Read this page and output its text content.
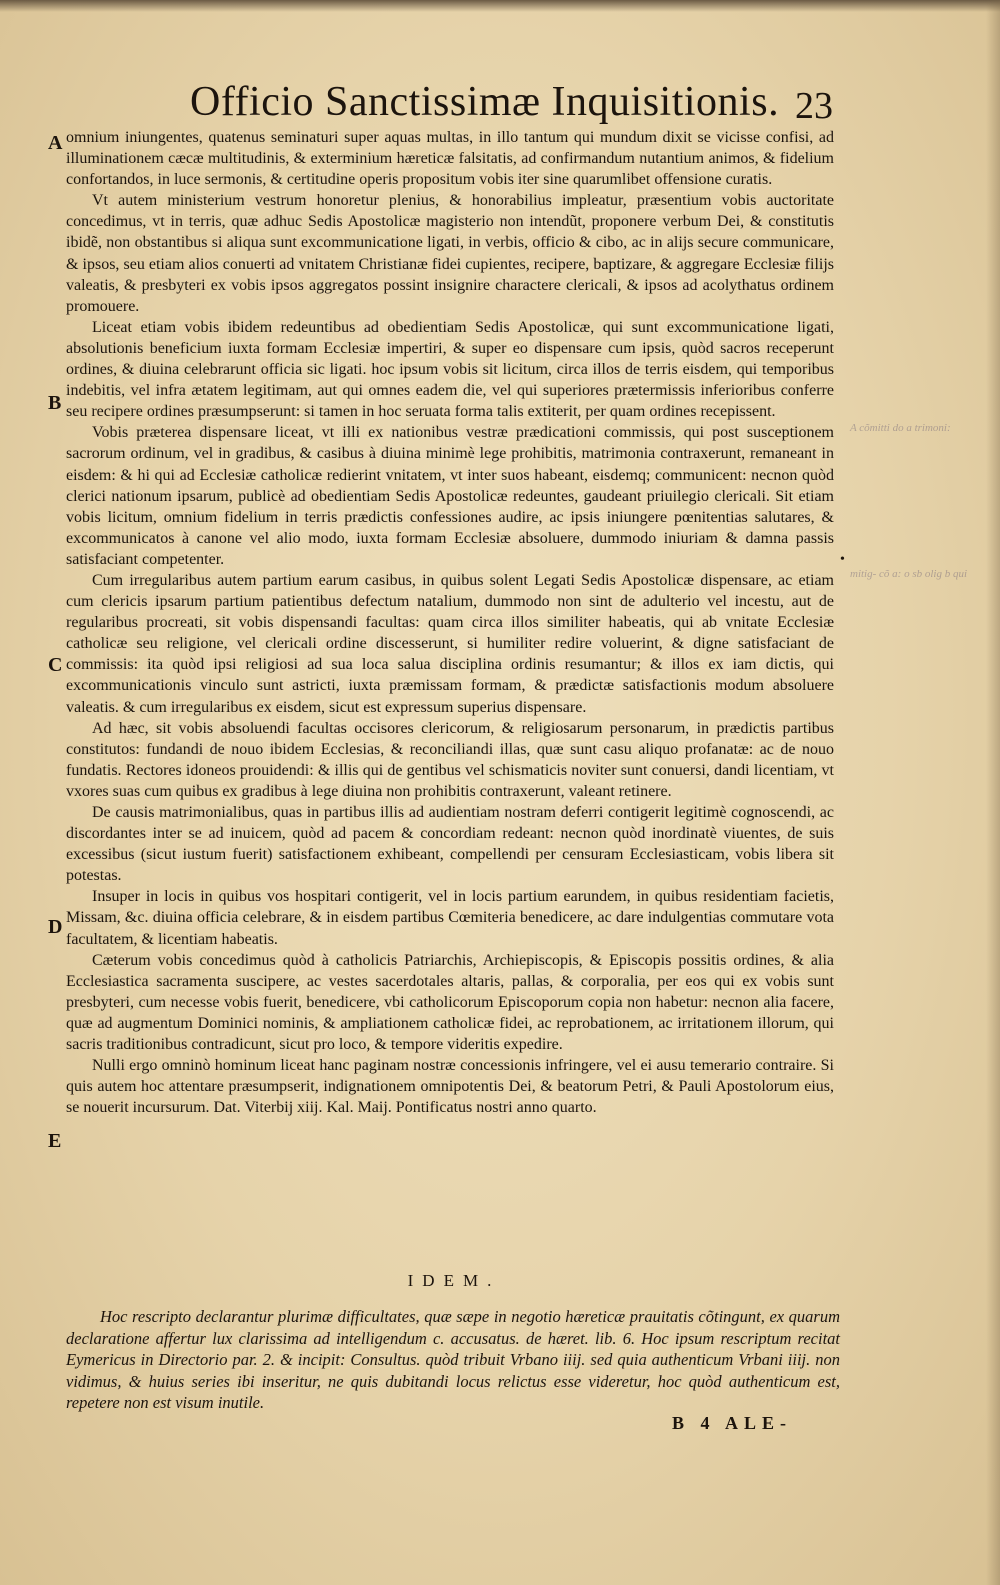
Officio Sanctissimæ Inquisitionis. 23
A
B
C
D
E
•
A cõmitti do a trimoni:
mitig- cõ a: o sb olig b qui

omnium iniungentes, quatenus seminaturi super aquas multas, in illo tantum qui mundum dixit se vicisse confisi, ad illuminationem cæcæ multitudinis, & exterminium hæreticæ falsitatis, ad confirmandum nutantium animos, & fidelium confortandos, in luce sermonis, & certitudine operis propositum vobis iter sine quarumlibet offensione curatis.

Vt autem ministerium vestrum honoretur plenius, & honorabilius impleatur, præsentium vobis auctoritate concedimus, vt in terris, quæ adhuc Sedis Apostolicæ magisterio non intendũt, proponere verbum Dei, & constitutis ibidẽ, non obstantibus si aliqua sunt excommunicatione ligati, in verbis, officio & cibo, ac in alijs secure communicare, & ipsos, seu etiam alios conuerti ad vnitatem Christianæ fidei cupientes, recipere, baptizare, & aggregare Ecclesiæ filijs valeatis, & presbyteri ex vobis ipsos aggregatos possint insignire charactere clericali, & ipsos ad acolythatus ordinem promouere.

Liceat etiam vobis ibidem redeuntibus ad obedientiam Sedis Apostolicæ, qui sunt excommunicatione ligati, absolutionis beneficium iuxta formam Ecclesiæ impertiri, & super eo dispensare cum ipsis, quòd sacros receperunt ordines, & diuina celebrarunt officia sic ligati. hoc ipsum vobis sit licitum, circa illos de terris eisdem, qui temporibus indebitis, vel infra ætatem legitimam, aut qui omnes eadem die, vel qui superiores prætermissis inferioribus conferre seu recipere ordines præsumpserunt: si tamen in hoc seruata forma talis extiterit, per quam ordines recepissent.

Vobis præterea dispensare liceat, vt illi ex nationibus vestræ prædicationi commissis, qui post susceptionem sacrorum ordinum, vel in gradibus, & casibus à diuina minimè lege prohibitis, matrimonia contraxerunt, remaneant in eisdem: & hi qui ad Ecclesiæ catholicæ redierint vnitatem, vt inter suos habeant, eisdemq; communicent: necnon quòd clerici nationum ipsarum, publicè ad obedientiam Sedis Apostolicæ redeuntes, gaudeant priuilegio clericali. Sit etiam vobis licitum, omnium fidelium in terris prædictis confessiones audire, ac ipsis iniungere pœnitentias salutares, & excommunicatos à canone vel alio modo, iuxta formam Ecclesiæ absoluere, dummodo iniuriam & damna passis satisfaciant competenter.

Cum irregularibus autem partium earum casibus, in quibus solent Legati Sedis Apostolicæ dispensare, ac etiam cum clericis ipsarum partium patientibus defectum natalium, dummodo non sint de adulterio vel incestu, aut de regularibus procreati, sit vobis dispensandi facultas: quam circa illos similiter habeatis, qui ab vnitate Ecclesiæ catholicæ seu religione, vel clericali ordine discesserunt, si humiliter redire voluerint, & digne satisfaciant de commissis: ita quòd ipsi religiosi ad sua loca salua disciplina ordinis resumantur; & illos ex iam dictis, qui excommunicationis vinculo sunt astricti, iuxta præmissam formam, & prædictæ satisfactionis modum absoluere valeatis. & cum irregularibus ex eisdem, sicut est expressum superius dispensare.

Ad hæc, sit vobis absoluendi facultas occisores clericorum, & religiosarum personarum, in prædictis partibus constitutos: fundandi de nouo ibidem Ecclesias, & reconciliandi illas, quæ sunt casu aliquo profanatæ: ac de nouo fundatis. Rectores idoneos prouidendi: & illis qui de gentibus vel schismaticis noviter sunt conuersi, dandi licentiam, vt vxores suas cum quibus ex gradibus à lege diuina non prohibitis contraxerunt, valeant retinere.

De causis matrimonialibus, quas in partibus illis ad audientiam nostram deferri contigerit legitimè cognoscendi, ac discordantes inter se ad inuicem, quòd ad pacem & concordiam redeant: necnon quòd inordinatè viuentes, de suis excessibus (sicut iustum fuerit) satisfactionem exhibeant, compellendi per censuram Ecclesiasticam, vobis libera sit potestas.

Insuper in locis in quibus vos hospitari contigerit, vel in locis partium earundem, in quibus residentiam facietis, Missam, &c. diuina officia celebrare, & in eisdem partibus Cœmiteria benedicere, ac dare indulgentias commutare vota facultatem, & licentiam habeatis.

Cæterum vobis concedimus quòd à catholicis Patriarchis, Archiepiscopis, & Episcopis possitis ordines, & alia Ecclesiastica sacramenta suscipere, ac vestes sacerdotales altaris, pallas, & corporalia, per eos qui ex vobis sunt presbyteri, cum necesse vobis fuerit, benedicere, vbi catholicorum Episcoporum copia non habetur: necnon alia facere, quæ ad augmentum Dominici nominis, & ampliationem catholicæ fidei, ac reprobationem, ac irritationem illorum, qui sacris traditionibus contradicunt, sicut pro loco, & tempore videritis expedire.

Nulli ergo omninò hominum liceat hanc paginam nostræ concessionis infringere, vel ei ausu temerario contraire. Si quis autem hoc attentare præsumpserit, indignationem omnipotentis Dei, & beatorum Petri, & Pauli Apostolorum eius, se nouerit incursurum. Dat. Viterbij xiij. Kal. Maij. Pontificatus nostri anno quarto.

IDEM.
Hoc rescripto declarantur plurimæ difficultates, quæ sæpe in negotio hæreticæ prauitatis cõtingunt, ex quarum declaratione affertur lux clarissima ad intelligendum c. accusatus. de hæret. lib. 6. Hoc ipsum rescriptum recitat Eymericus in Directorio par. 2. & incipit: Consultus. quòd tribuit Vrbano iiij. sed quia authenticum Vrbani iiij. non vidimus, & huius series ibi inseritur, ne quis dubitandi locus relictus esse videretur, hoc quòd authenticum est, repetere non est visum inutile.
B 4 ALE-
